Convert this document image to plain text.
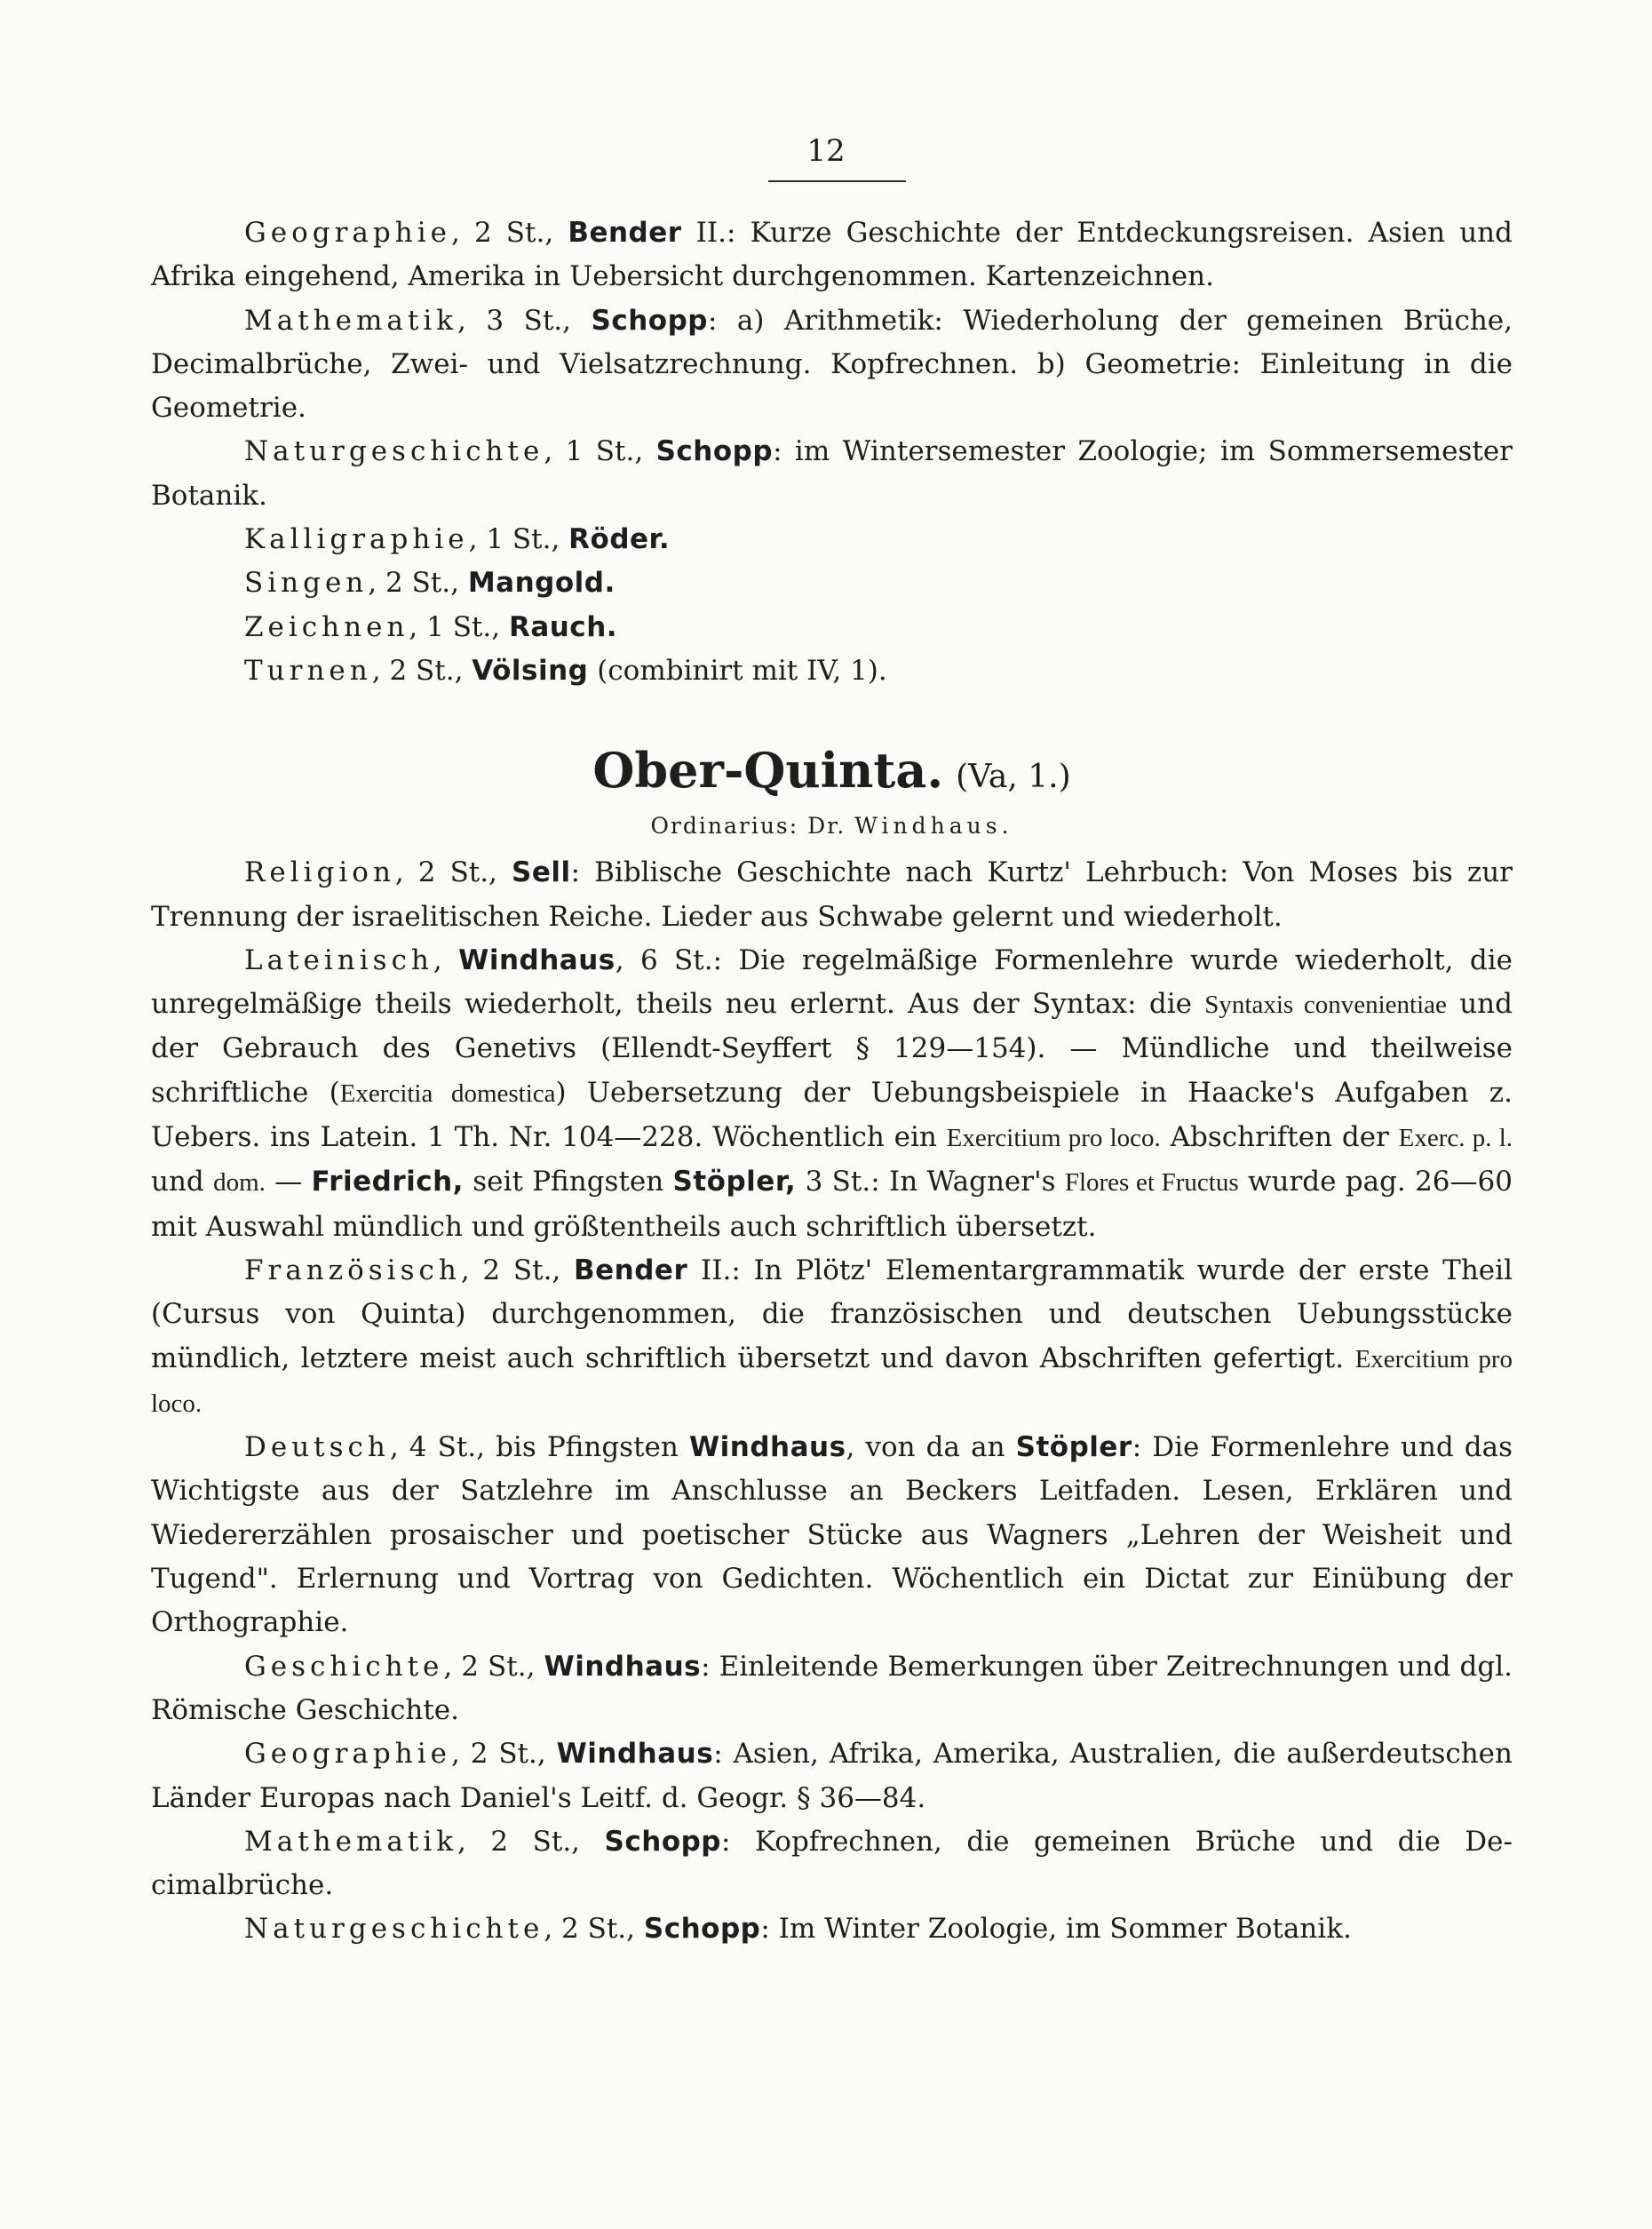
12

Geographie, 2 St., Bender II.: Kurze Geschichte der Entdeckungsreisen. Asien und Afrika eingehend, Amerika in Uebersicht durchgenommen. Kartenzeichnen.

Mathematik, 3 St., Schopp: a) Arithmetik: Wiederholung der gemeinen Brüche, Decimalbrüche, Zwei- und Vielsatzrechnung. Kopfrechnen. b) Geometrie: Einleitung in die Geometrie.

Naturgeschichte, 1 St., Schopp: im Wintersemester Zoologie; im Sommersemester Botanik.

Kalligraphie, 1 St., Röder.

Singen, 2 St., Mangold.

Zeichnen, 1 St., Rauch.

Turnen, 2 St., Völsing (combinirt mit IV, 1).

Ober-Quinta. (Va, 1.)
Ordinarius: Dr. Windhaus.

Religion, 2 St., Sell: Biblische Geschichte nach Kurtz' Lehrbuch: Von Moses bis zur Trennung der israelitischen Reiche. Lieder aus Schwabe gelernt und wiederholt.

Lateinisch, Windhaus, 6 St.: Die regelmäßige Formenlehre wurde wiederholt, die unregelmäßige theils wiederholt, theils neu erlernt. Aus der Syntax: die Syntaxis convenientiae und der Gebrauch des Genetivs (Ellendt-Seyffert § 129—154). — Mündliche und theilweise schriftliche (Exercitia domestica) Uebersetzung der Uebungsbeispiele in Haacke's Aufgaben z. Uebers. ins Latein. 1 Th. Nr. 104—228. Wöchentlich ein Exercitium pro loco. Abschriften der Exerc. p. l. und dom. — Friedrich, seit Pfingsten Stöpler, 3 St.: In Wagner's Flores et Fructus wurde pag. 26—60 mit Auswahl mündlich und größtentheils auch schriftlich übersetzt.

Französisch, 2 St., Bender II.: In Plötz' Elementargrammatik wurde der erste Theil (Cursus von Quinta) durchgenommen, die französischen und deutschen Uebungsstücke mündlich, letztere meist auch schriftlich übersetzt und davon Abschriften gefertigt. Exercitium pro loco.

Deutsch, 4 St., bis Pfingsten Windhaus, von da an Stöpler: Die Formenlehre und das Wichtigste aus der Satzlehre im Anschlusse an Beckers Leitfaden. Lesen, Erklären und Wiedererzählen prosaischer und poetischer Stücke aus Wagners „Lehren der Weisheit und Tugend". Erlernung und Vortrag von Gedichten. Wöchentlich ein Dictat zur Einübung der Orthographie.

Geschichte, 2 St., Windhaus: Einleitende Bemerkungen über Zeitrechnungen und dgl. Römische Geschichte.

Geographie, 2 St., Windhaus: Asien, Afrika, Amerika, Australien, die außerdeutschen Länder Europas nach Daniel's Leitf. d. Geogr. § 36—84.

Mathematik, 2 St., Schopp: Kopfrechnen, die gemeinen Brüche und die Decimalbrüche.

Naturgeschichte, 2 St., Schopp: Im Winter Zoologie, im Sommer Botanik.
